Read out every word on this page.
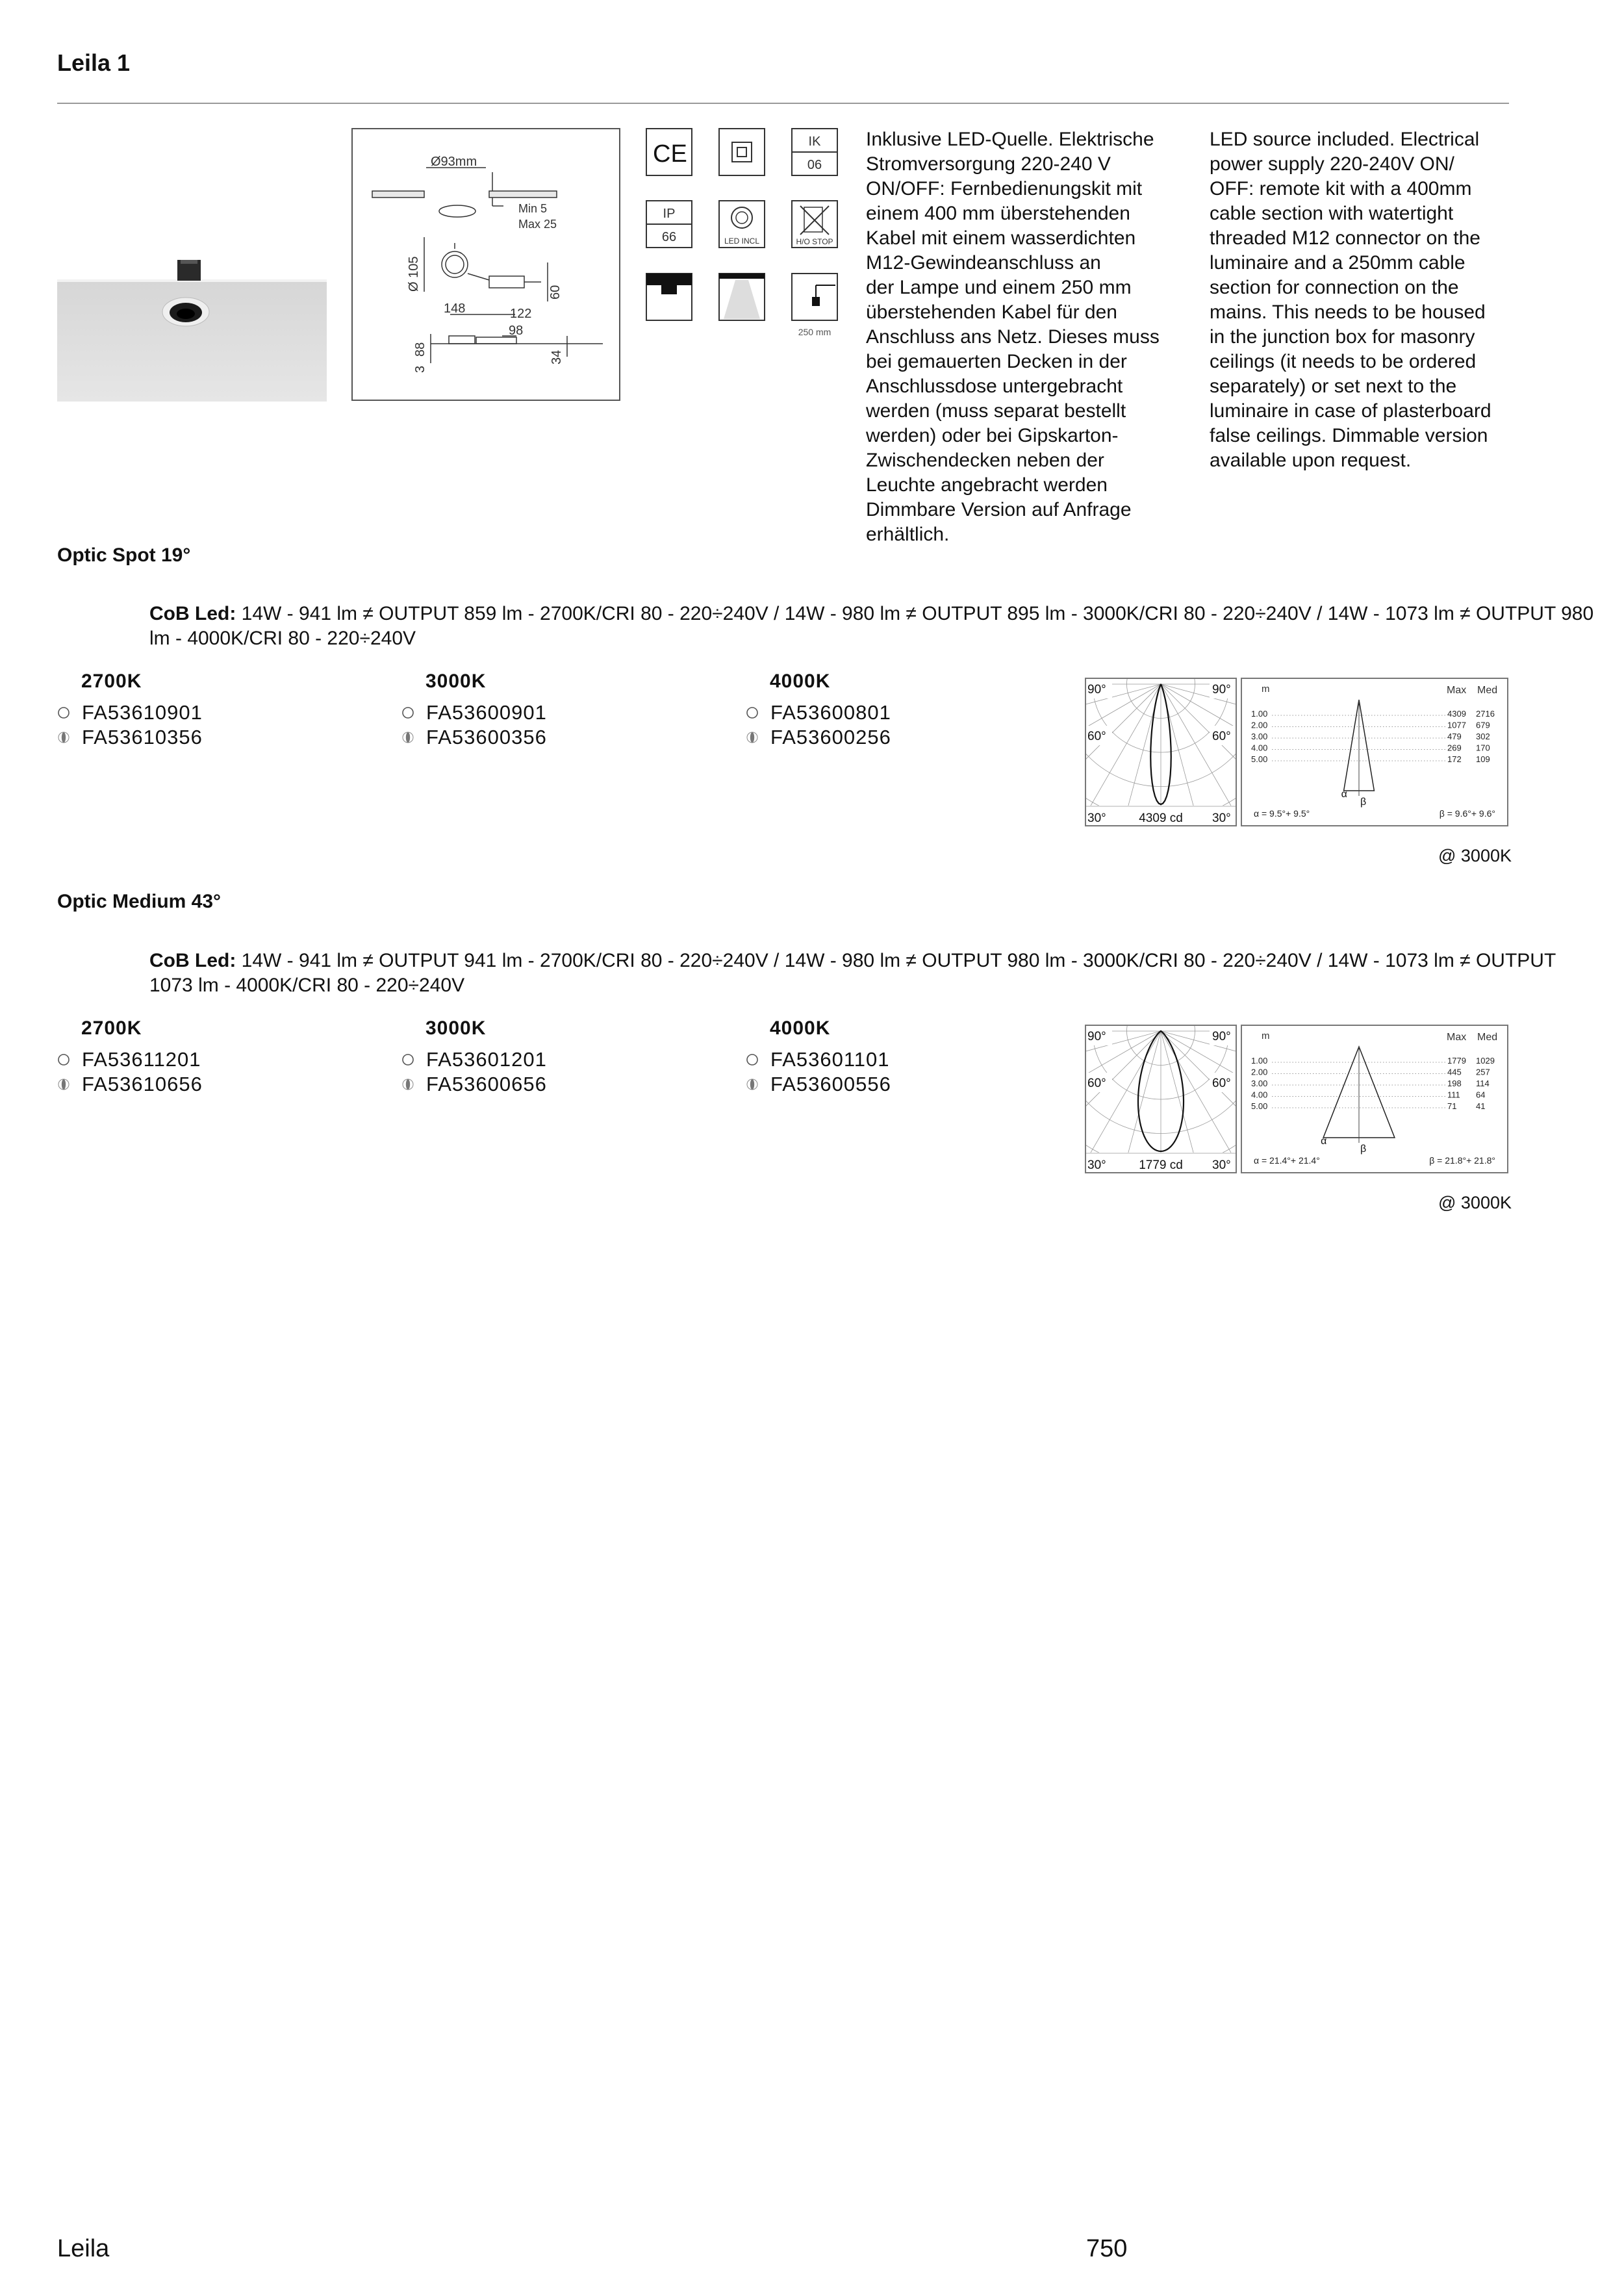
Leila 1
Ø93mm
Min 5
Max 25
Ø 105
60
148	122
98
88
3
34
CE	IK
06
IP
66	LED INCL	H/O STOP
250 mm
Inklusive LED-Quelle. Elektrische
Stromversorgung 220-240 V
ON/OFF: Fernbedienungskit mit
einem 400 mm überstehenden
Kabel mit einem wasserdichten
M12-Gewindeanschluss an
der Lampe und einem 250 mm
überstehenden Kabel für den
Anschluss ans Netz. Dieses muss
bei gemauerten Decken in der
Anschlussdose untergebracht
werden (muss separat bestellt
werden) oder bei Gipskarton-
Zwischendecken neben der
Leuchte angebracht werden
Dimmbare Version auf Anfrage
erhältlich.
LED source included. Electrical
power supply 220-240V ON/
OFF: remote kit with a 400mm
cable section with watertight
threaded M12 connector on the
luminaire and a 250mm cable
section for connection on the
mains. This needs to be housed
in the junction box for masonry
ceilings (it needs to be ordered
separately) or set next to the
luminaire in case of plasterboard
false ceilings. Dimmable version
available upon request.
Optic Spot 19°
CoB Led: 14W - 941 lm ≠ OUTPUT 859 lm - 2700K/CRI 80 - 220÷240V / 14W - 980 lm ≠ OUTPUT 895 lm - 3000K/CRI 80 - 220÷240V / 14W - 1073 lm ≠ OUTPUT 980 lm - 4000K/CRI 80 - 220÷240V
2700K
FA53610901
FA53610356
3000K
FA53600901
FA53600356
4000K
FA53600801
FA53600256
90°	90°
60°	60°
30°	30°
4309 cd
m	Max Med
1.00	4309 2716
2.00	1077 679
3.00	479 302
4.00	269 170
5.00	172 109
α
β
α = 9.5°+ 9.5°	β = 9.6°+ 9.6°
@ 3000K
Optic Medium 43°
CoB Led: 14W - 941 lm ≠ OUTPUT 941 lm - 2700K/CRI 80 - 220÷240V / 14W - 980 lm ≠ OUTPUT 980 lm - 3000K/CRI 80 - 220÷240V / 14W - 1073 lm ≠ OUTPUT 1073 lm - 4000K/CRI 80 - 220÷240V
2700K
FA53611201
FA53610656
3000K
FA53601201
FA53600656
4000K
FA53601101
FA53600556
90°	90°
60°	60°
30°	30°
1779 cd
m	Max Med
1.00	1779 1029
2.00	445 257
3.00	198 114
4.00	111 64
5.00	71 41
α
β
α = 21.4°+ 21.4°	β = 21.8°+ 21.8°
@ 3000K
Leila	750
